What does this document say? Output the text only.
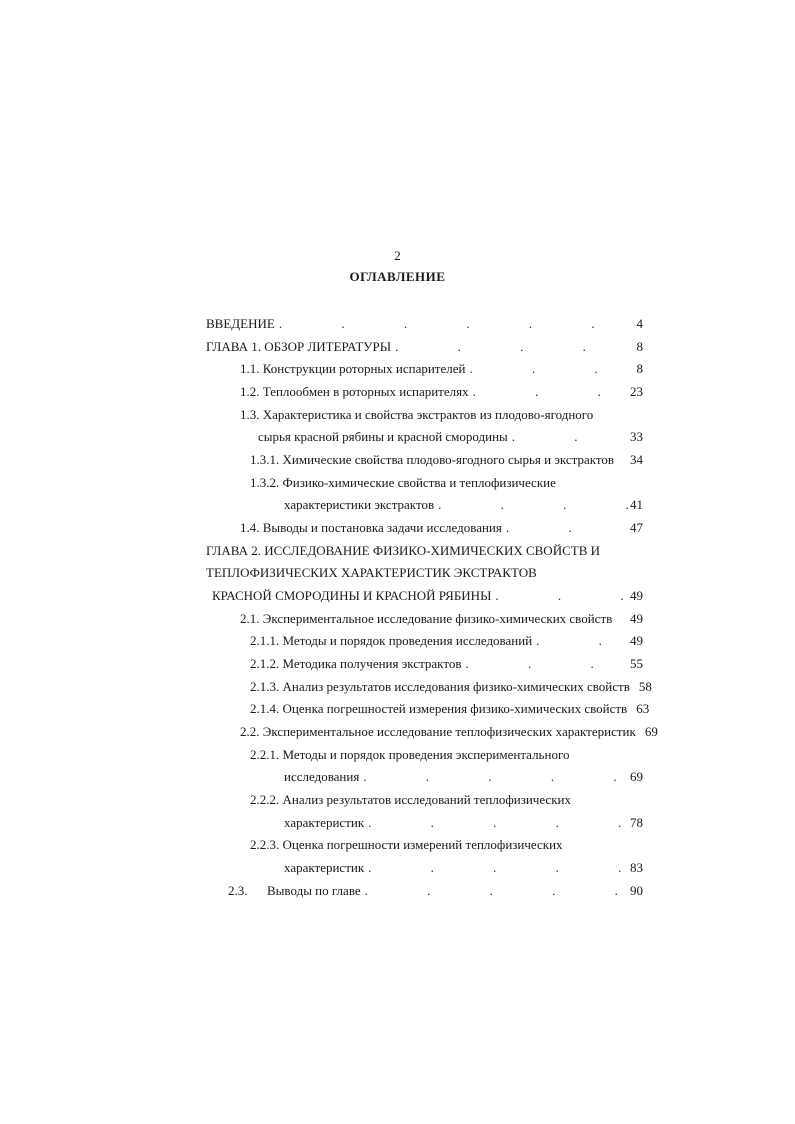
2
ОГЛАВЛЕНИЕ
ВВЕДЕНИЕ . . .	4
ГЛАВА 1. ОБЗОР ЛИТЕРАТУРЫ . . .	8
1.1. Конструкции роторных испарителей . . .	8
1.2. Теплообмен в роторных испарителях . . .	23
1.3. Характеристика и свойства экстрактов из плодово-ягодного
сырья красной рябины и красной смородины . . .	33
1.3.1. Химические свойства плодово-ягодного сырья и экстрактов 34
1.3.2. Физико-химические свойства и теплофизические
характеристики экстрактов . . .	41
1.4. Выводы и постановка задачи исследования . . .	47
ГЛАВА 2. ИССЛЕДОВАНИЕ ФИЗИКО-ХИМИЧЕСКИХ СВОЙСТВ И
ТЕПЛОФИЗИЧЕСКИХ ХАРАКТЕРИСТИК ЭКСТРАКТОВ
КРАСНОЙ СМОРОДИНЫ И КРАСНОЙ РЯБИНЫ . . .	49
2.1. Экспериментальное исследование физико-химических свойств 49
2.1.1. Методы и порядок проведения исследований . . .	49
2.1.2. Методика получения экстрактов . . .	55
2.1.3. Анализ результатов исследования физико-химических свойств 58
2.1.4. Оценка погрешностей измерения физико-химических свойств 63
2.2. Экспериментальное исследование теплофизических характеристик 69
2.2.1. Методы и порядок проведения экспериментального
исследования . . .	69
2.2.2. Анализ результатов исследований теплофизических
характеристик . . .	78
2.2.3. Оценка погрешности измерений теплофизических
характеристик . . .	83
2.3.      Выводы по главе . . .	90
